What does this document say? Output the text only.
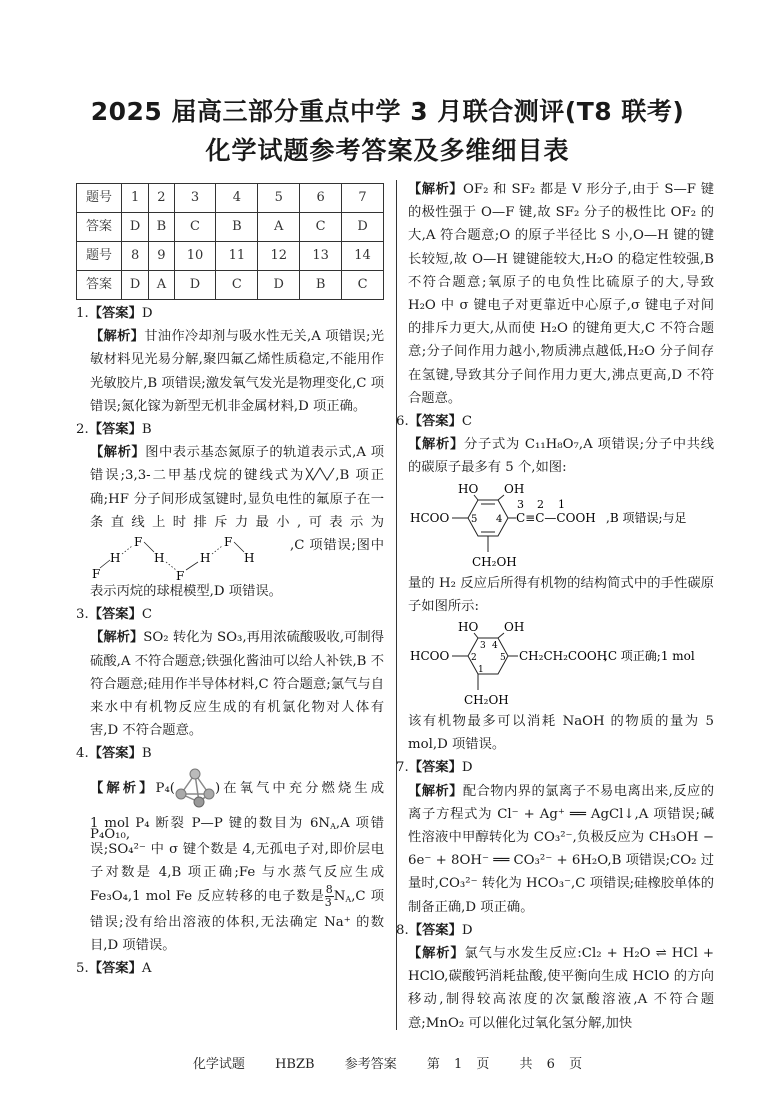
2025 届高三部分重点中学 3 月联合测评(T8 联考)
化学试题参考答案及多维细目表
题号	1	2	3	4	5	6	7
答案	D	B	C	B	A	C	D
题号	8	9	10	11	12	13	14
答案	D	A	D	C	D	B	C
1.【答案】D
【解析】甘油作冷却剂与吸水性无关,A 项错误;光敏材料见光易分解,聚四氟乙烯性质稳定,不能用作光敏胶片,B 项错误;激发氧气发光是物理变化,C 项错误;氮化镓为新型无机非金属材料,D 项正确。
2.【答案】B
【解析】图中表示基态氮原子的轨道表示式,A 项错误;3,3-二甲基戊烷的键线式为 ,B 项正确;HF 分子间形成氢键时,显负电性的氟原子在一条直线上时排斥力最小,可表示为
F
H
F
H
F
H
F
H
,C 项错误;图中表示丙烷的球棍模型,D 项错误。
3.【答案】C
【解析】SO₂ 转化为 SO₃,再用浓硫酸吸收,可制得硫酸,A 不符合题意;铁强化酱油可以给人补铁,B 不符合题意;硅用作半导体材料,C 符合题意;氯气与自来水中有机物反应生成的有机氯化物对人体有害,D 不符合题意。
4.【答案】B
【解析】P₄(	)在氧气中充分燃烧生成 P₄O₁₀,
1 mol P₄ 断裂 P—P 键的数目为 $6N_A,A$ 项错误;SO₄²⁻ 中 σ 键个数是 4,无孤电子对,即价层电子对数是 4,B 项正确;Fe 与水蒸气反应生成 Fe₃O₄,1 mol Fe 反应转移的电子数是 $\frac{8}{3} N_A,C$ 项错误;没有给出溶液的体积,无法确定 Na⁺ 的数目,D 项错误。
5.【答案】A
【解析】OF₂ 和 SF₂ 都是 V 形分子,由于 S—F 键的极性强于 O—F 键,故 SF₂ 分子的极性比 OF₂ 的大,A 符合题意;O 的原子半径比 S 小,O—H 键的键长较短,故 O—H 键键能较大,H₂O 的稳定性较强,B 不符合题意;氧原子的电负性比硫原子的大,导致 H₂O 中 σ 键电子对更靠近中心原子,σ 键电子对间的排斥力更大,从而使 H₂O 的键角更大,C 不符合题意;分子间作用力越小,物质沸点越低,H₂O 分子间存在氢键,导致其分子间作用力更大,沸点更高,D 不符合题意。
6.【答案】C
【解析】分子式为 C₁₁H₈O₇,A 项错误;分子中共线的碳原子最多有 5 个,如图:
HO OH
HCOO 5 4
3 2 1
C≡C—COOH ,B 项错误;与足
CH₂OH
量的 H₂ 反应后所得有机物的结构简式中的手性碳原子如图所示:
HO OH
3 4
2	5
1
HCOO	CH₂CH₂COOH
,C 项正确;1 mol
CH₂OH
该有机物最多可以消耗 NaOH 的物质的量为 5 mol,D 项错误。
7.【答案】D
【解析】配合物内界的氯离子不易电离出来,反应的离子方程式为 Cl⁻ + Ag⁺ ══ AgCl↓,A 项错误;碱性溶液中甲醇转化为 CO₃²⁻,负极反应为 CH₃OH − 6e⁻ + 8OH⁻ ══ CO₃²⁻ + 6H₂O,B 项错误;CO₂ 过量时,CO₃²⁻ 转化为 HCO₃⁻,C 项错误;硅橡胶单体的制备正确,D 项正确。
8.【答案】D
【解析】氯气与水发生反应:Cl₂ + H₂O ⇌ HCl + HClO,碳酸钙消耗盐酸,使平衡向生成 HClO 的方向移动,制得较高浓度的次氯酸溶液,A 不符合题意;MnO₂ 可以催化过氧化氢分解,加快
化学试题 HBZB 参考答案 第 1 页 共 6 页
